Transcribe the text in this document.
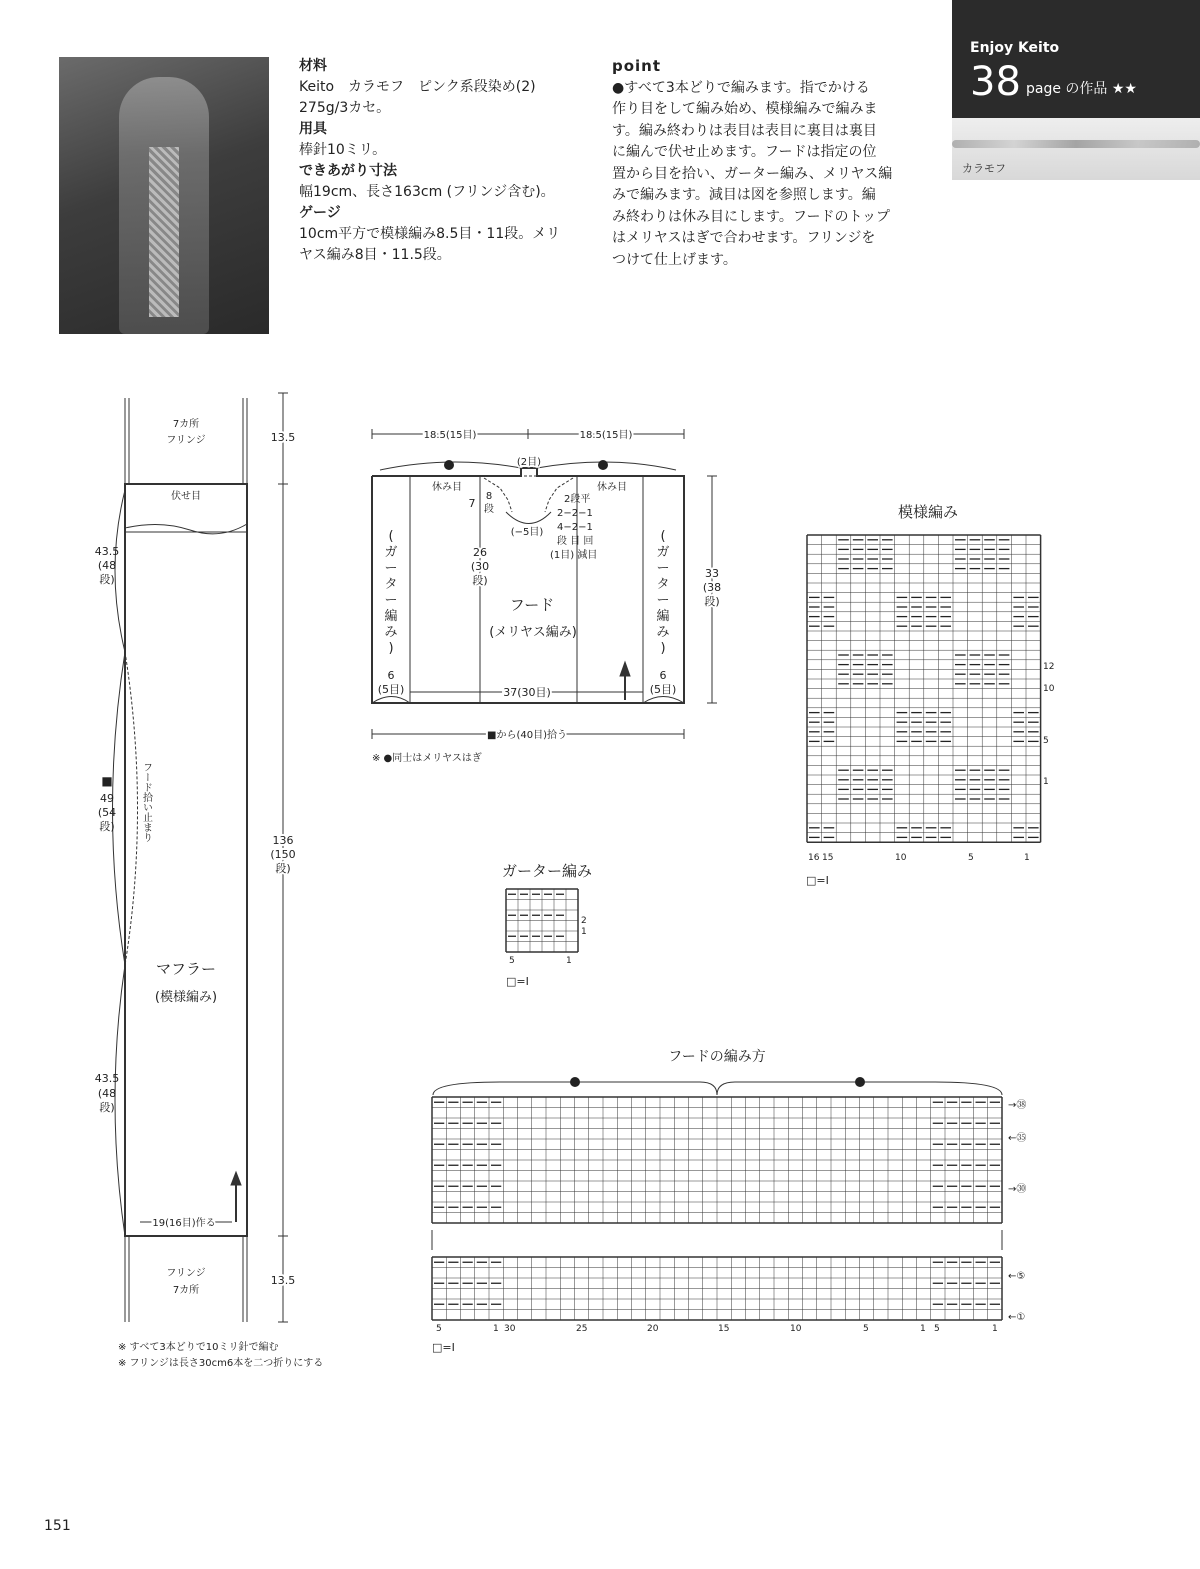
材料
Keito　カラモフ　ピンク系段染め(2)
275g/3カセ。
用具
棒針10ミリ。
できあがり寸法
幅19cm、長さ163cm (フリンジ含む)。
ゲージ
10cm平方で模様編み8.5目・11段。メリ
ヤス編み8目・11.5段。
point
●すべて3本どりで編みます。指でかける
作り目をして編み始め、模様編みで編みま
す。編み終わりは表目は表目に裏目は裏目
に編んで伏せ止めます。フードは指定の位
置から目を拾い、ガーター編み、メリヤス編
みで編みます。減目は図を参照します。編
み終わりは休み目にします。フードのトップ
はメリヤスはぎで合わせます。フリンジを
つけて仕上げます。
Enjoy Keito
38 page の作品 ★★
カラモフ
7カ所
フリンジ	13.5
伏せ目
43.5
(48
段)
■
49
(54
段)	フード拾い止まり	136
(150
段)
マフラー
(模様編み)
43.5
(48
段)
19(16目)作る
フリンジ
7カ所
13.5
※ すべて3本どりで10ミリ針で編む
※ フリンジは長さ30cm6本を二つ折りにする
18.5(15目)	18.5(15目)
(2目)
休み目	休み目
7
8
段
(−5目)
2段平
2−2−1
4−2−1
段 目 回
(1目) 減目
26
(30
段)
(
ガ
ー
タ
ー
編
み
)
(
ガ
ー
タ
ー
編
み
)
フード
(メリヤス編み)
33
(38
段)
6
(5目)
6
(5目)
37(30目)
■から(40目)拾う
※ ●同士はメリヤスはぎ
模様編み
12
10
5
1
16 15	10	5	1
□=Ⅰ
ガーター編み
2
1
5	1
□=Ⅰ
フードの編み方
→㊳
←㉟
→㉚
←⑤
←①
5	1 30	25	20	15	10	5	1 5	1
□=Ⅰ
151
